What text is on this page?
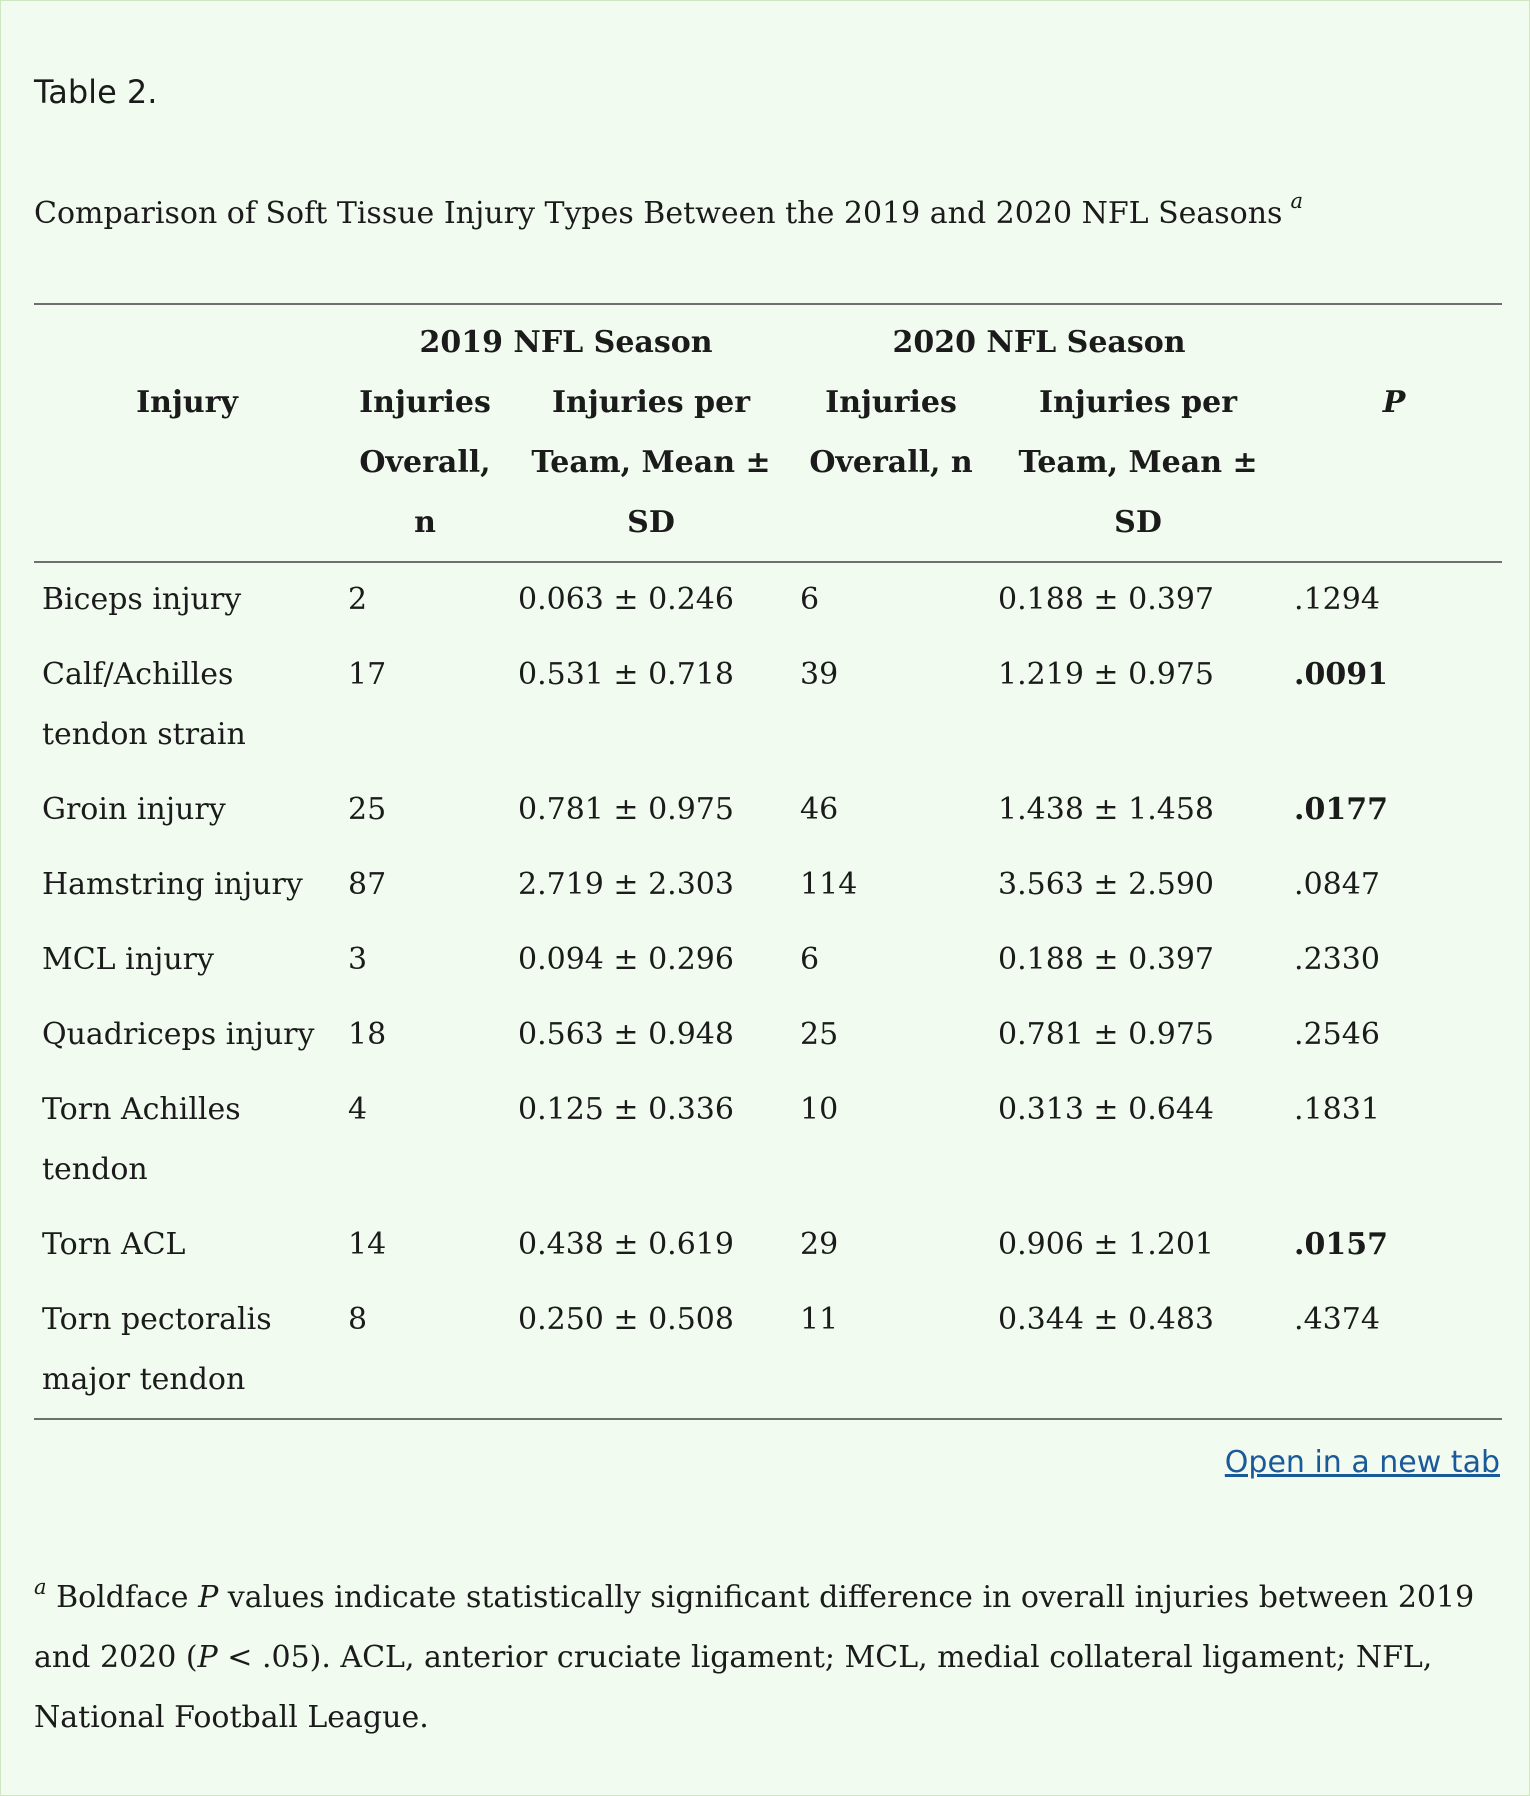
Table 2.

Comparison of Soft Tissue Injury Types Between the 2019 and 2020 NFL Seasons $^a$

	2019 NFL Season		2020 NFL Season		
Injury	Injuries Overall, n	Injuries per Team, Mean ± SD	Injuries Overall, n	Injuries per Team, Mean ± SD	P
Biceps injury	2	0.063 ± 0.246	6	0.188 ± 0.397	.1294
Calf/Achilles tendon strain	17	0.531 ± 0.718	39	1.219 ± 0.975	.0091
Groin injury	25	0.781 ± 0.975	46	1.438 ± 1.458	.0177
Hamstring injury	87	2.719 ± 2.303	114	3.563 ± 2.590	.0847
MCL injury	3	0.094 ± 0.296	6	0.188 ± 0.397	.2330
Quadriceps injury	18	0.563 ± 0.948	25	0.781 ± 0.975	.2546
Torn Achilles tendon	4	0.125 ± 0.336	10	0.313 ± 0.644	.1831
Torn ACL	14	0.438 ± 0.619	29	0.906 ± 1.201	.0157
Torn pectoralis major tendon	8	0.250 ± 0.508	11	0.344 ± 0.483	.4374
Open in a new tab

$^a$ Boldface P values indicate statistically significant difference in overall injuries between 2019 and 2020 (P < .05). ACL, anterior cruciate ligament; MCL, medial collateral ligament; NFL, National Football League.
